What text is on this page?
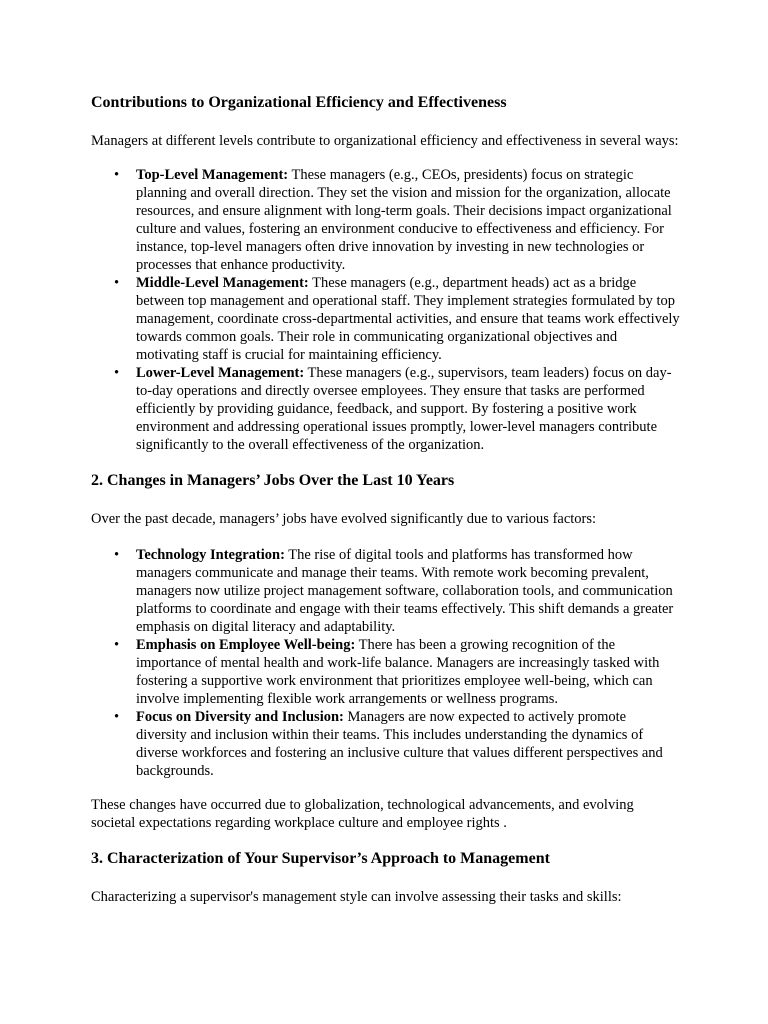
Contributions to Organizational Efficiency and Effectiveness

Managers at different levels contribute to organizational efficiency and effectiveness in several ways:

• Top-Level Management: These managers (e.g., CEOs, presidents) focus on strategic planning and overall direction. They set the vision and mission for the organization, allocate resources, and ensure alignment with long-term goals. Their decisions impact organizational culture and values, fostering an environment conducive to effectiveness and efficiency. For instance, top-level managers often drive innovation by investing in new technologies or processes that enhance productivity.
• Middle-Level Management: These managers (e.g., department heads) act as a bridge between top management and operational staff. They implement strategies formulated by top management, coordinate cross-departmental activities, and ensure that teams work effectively towards common goals. Their role in communicating organizational objectives and motivating staff is crucial for maintaining efficiency.
• Lower-Level Management: These managers (e.g., supervisors, team leaders) focus on day-to-day operations and directly oversee employees. They ensure that tasks are performed efficiently by providing guidance, feedback, and support. By fostering a positive work environment and addressing operational issues promptly, lower-level managers contribute significantly to the overall effectiveness of the organization.
2. Changes in Managers’ Jobs Over the Last 10 Years

Over the past decade, managers’ jobs have evolved significantly due to various factors:

• Technology Integration: The rise of digital tools and platforms has transformed how managers communicate and manage their teams. With remote work becoming prevalent, managers now utilize project management software, collaboration tools, and communication platforms to coordinate and engage with their teams effectively. This shift demands a greater emphasis on digital literacy and adaptability.
• Emphasis on Employee Well-being: There has been a growing recognition of the importance of mental health and work-life balance. Managers are increasingly tasked with fostering a supportive work environment that prioritizes employee well-being, which can involve implementing flexible work arrangements or wellness programs.
• Focus on Diversity and Inclusion: Managers are now expected to actively promote diversity and inclusion within their teams. This includes understanding the dynamics of diverse workforces and fostering an inclusive culture that values different perspectives and backgrounds.

These changes have occurred due to globalization, technological advancements, and evolving societal expectations regarding workplace culture and employee rights .

3. Characterization of Your Supervisor’s Approach to Management

Characterizing a supervisor's management style can involve assessing their tasks and skills:
